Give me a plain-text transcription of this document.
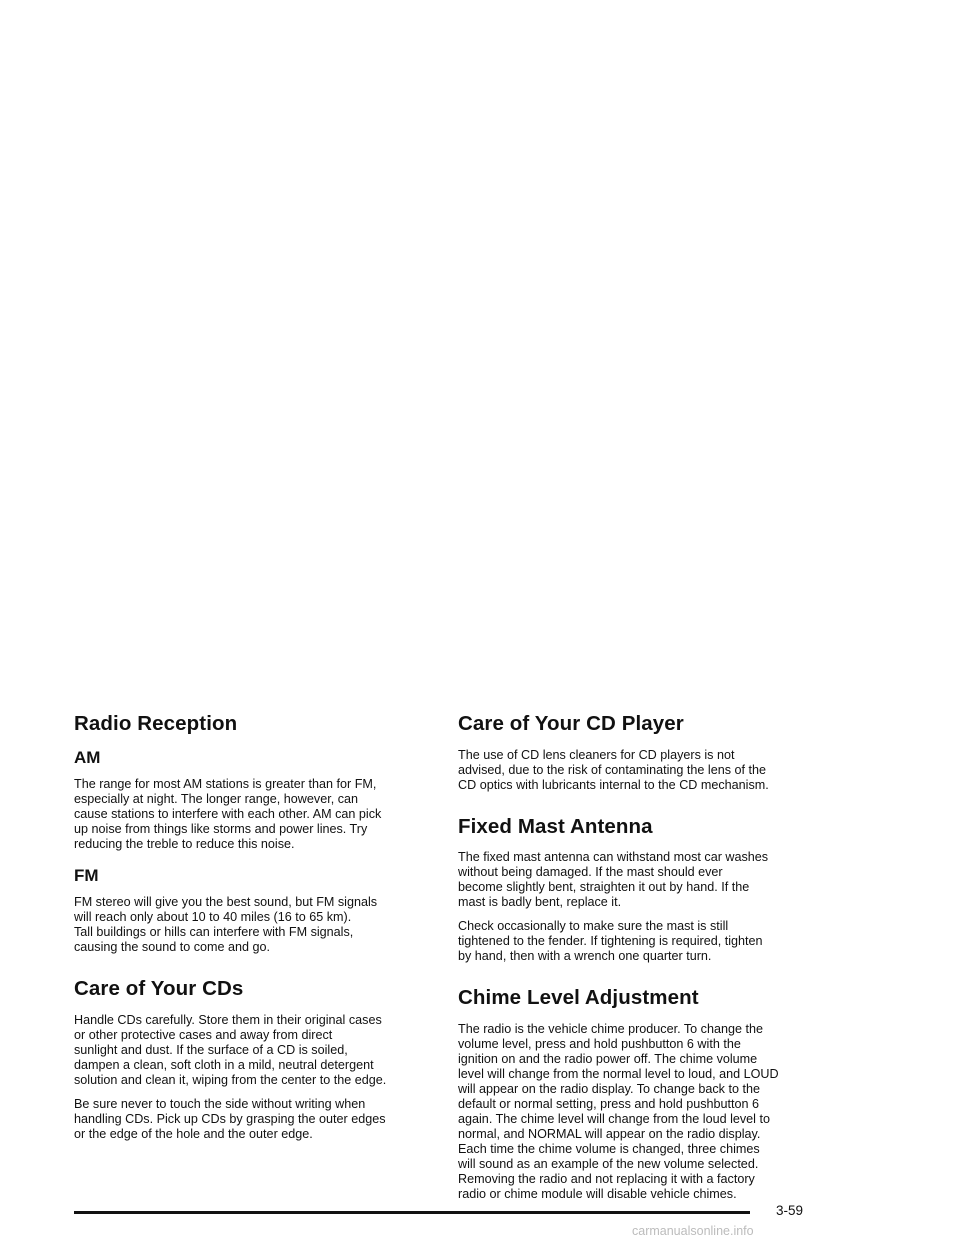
Radio Reception
AM

The range for most AM stations is greater than for FM,
especially at night. The longer range, however, can
cause stations to interfere with each other. AM can pick
up noise from things like storms and power lines. Try
reducing the treble to reduce this noise.

FM

FM stereo will give you the best sound, but FM signals
will reach only about 10 to 40 miles (16 to 65 km).
Tall buildings or hills can interfere with FM signals,
causing the sound to come and go.

Care of Your CDs

Handle CDs carefully. Store them in their original cases
or other protective cases and away from direct
sunlight and dust. If the surface of a CD is soiled,
dampen a clean, soft cloth in a mild, neutral detergent
solution and clean it, wiping from the center to the edge.

Be sure never to touch the side without writing when
handling CDs. Pick up CDs by grasping the outer edges
or the edge of the hole and the outer edge.

Care of Your CD Player

The use of CD lens cleaners for CD players is not
advised, due to the risk of contaminating the lens of the
CD optics with lubricants internal to the CD mechanism.

Fixed Mast Antenna

The fixed mast antenna can withstand most car washes
without being damaged. If the mast should ever
become slightly bent, straighten it out by hand. If the
mast is badly bent, replace it.

Check occasionally to make sure the mast is still
tightened to the fender. If tightening is required, tighten
by hand, then with a wrench one quarter turn.

Chime Level Adjustment

The radio is the vehicle chime producer. To change the
volume level, press and hold pushbutton 6 with the
ignition on and the radio power off. The chime volume
level will change from the normal level to loud, and LOUD
will appear on the radio display. To change back to the
default or normal setting, press and hold pushbutton 6
again. The chime level will change from the loud level to
normal, and NORMAL will appear on the radio display.
Each time the chime volume is changed, three chimes
will sound as an example of the new volume selected.
Removing the radio and not replacing it with a factory
radio or chime module will disable vehicle chimes.

3-59
carmanualsonline.info
